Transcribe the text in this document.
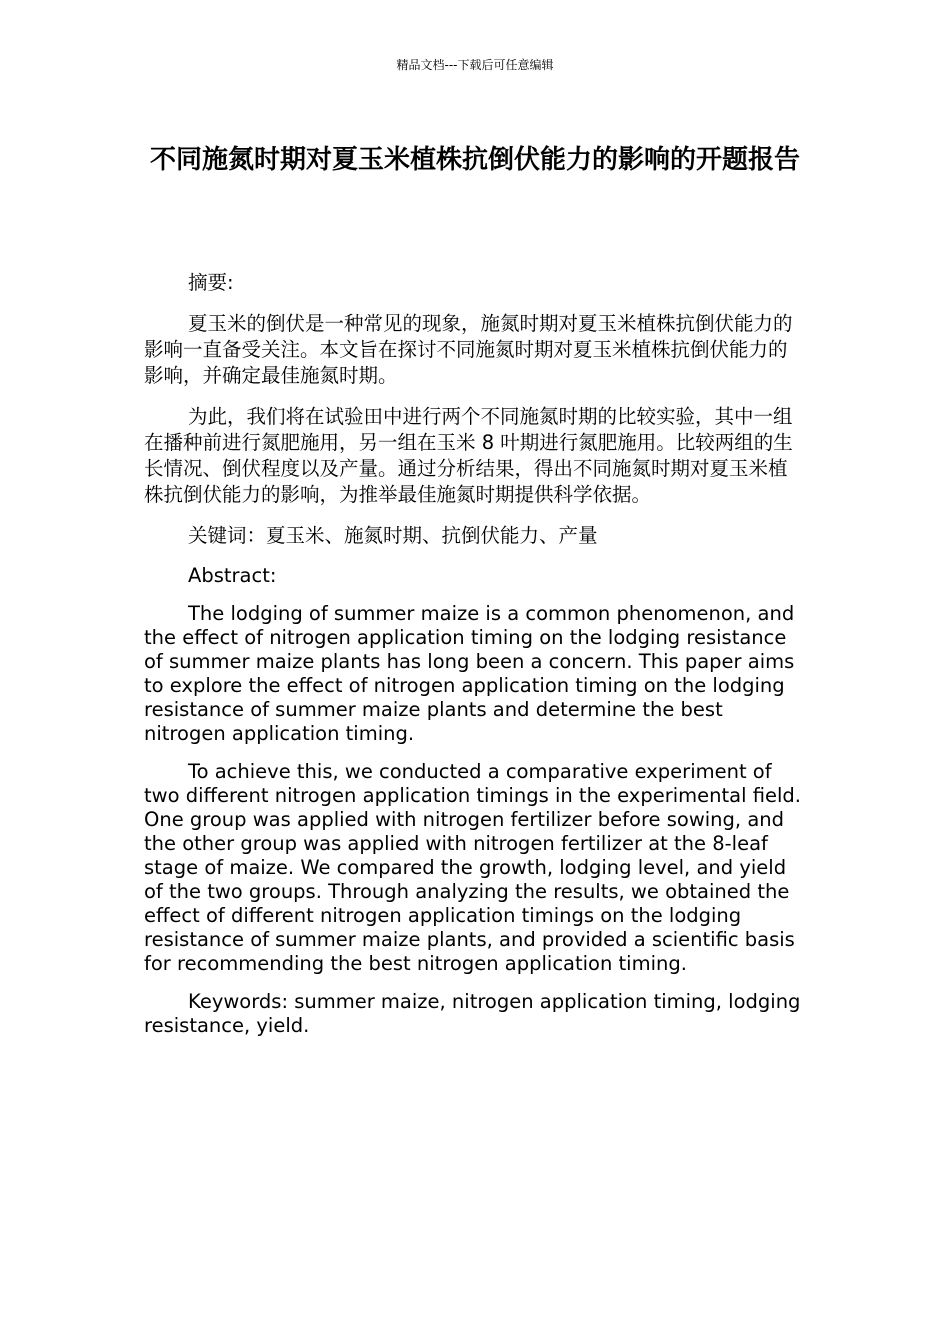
精品文档---下载后可任意编辑
不同施氮时期对夏玉米植株抗倒伏能力的影响的开题报告

摘要:

夏玉米的倒伏是一种常见的现象，施氮时期对夏玉米植株抗倒伏能力的影响一直备受关注。本文旨在探讨不同施氮时期对夏玉米植株抗倒伏能力的影响，并确定最佳施氮时期。

为此，我们将在试验田中进行两个不同施氮时期的比较实验，其中一组在播种前进行氮肥施用，另一组在玉米 8 叶期进行氮肥施用。比较两组的生长情况、倒伏程度以及产量。通过分析结果，得出不同施氮时期对夏玉米植株抗倒伏能力的影响，为推举最佳施氮时期提供科学依据。

关键词：夏玉米、施氮时期、抗倒伏能力、产量

Abstract:

The lodging of summer maize is a common phenomenon, and the effect of nitrogen application timing on the lodging resistance of summer maize plants has long been a concern. This paper aims to explore the effect of nitrogen application timing on the lodging resistance of summer maize plants and determine the best nitrogen application timing.

To achieve this, we conducted a comparative experiment of two different nitrogen application timings in the experimental field. One group was applied with nitrogen fertilizer before sowing, and the other group was applied with nitrogen fertilizer at the 8-leaf stage of maize. We compared the growth, lodging level, and yield of the two groups. Through analyzing the results, we obtained the effect of different nitrogen application timings on the lodging resistance of summer maize plants, and provided a scientific basis for recommending the best nitrogen application timing.

Keywords: summer maize, nitrogen application timing, lodging resistance, yield.
